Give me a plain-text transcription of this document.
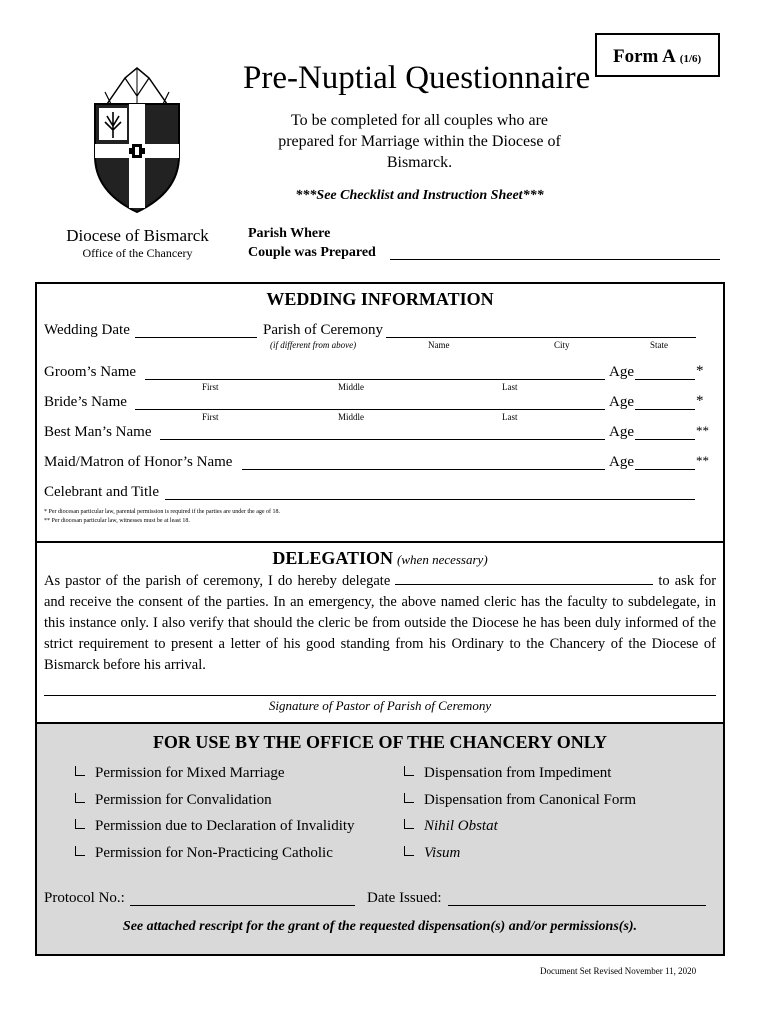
Form A (1/6)
Pre-Nuptial Questionnaire
To be completed for all couples who are prepared for Marriage within the Diocese of Bismarck.
***See Checklist and Instruction Sheet***
Diocese of Bismarck
Office of the Chancery
Parish Where
Couple was Prepared
WEDDING INFORMATION
Wedding Date	Parish of Ceremony
(if different from above)	Name	City	State
Groom’s Name	Age	*
First	Middle	Last
Bride’s Name	Age	*
First	Middle	Last
Best Man’s Name	Age	**
Maid/Matron of Honor’s Name	Age	**
Celebrant and Title
* Per diocesan particular law, parental permission is required if the parties are under the age of 18.
** Per diocesan particular law, witnesses must be at least 18.
DELEGATION (when necessary)
As pastor of the parish of ceremony, I do hereby delegate	to ask for and receive the consent of the parties. In an emergency, the above named cleric has the faculty to subdelegate, in this instance only. I also verify that should the cleric be from outside the Diocese he has been duly informed of the strict requirement to present a letter of his good standing from his Ordinary to the Chancery of the Diocese of Bismarck before his arrival.
Signature of Pastor of Parish of Ceremony
FOR USE BY THE OFFICE OF THE CHANCERY ONLY
Permission for Mixed Marriage
Permission for Convalidation
Permission due to Declaration of Invalidity
Permission for Non-Practicing Catholic
Dispensation from Impediment
Dispensation from Canonical Form
Nihil Obstat
Visum
Protocol No.:	Date Issued:
See attached rescript for the grant of the requested dispensation(s) and/or permissions(s).
Document Set Revised November 11, 2020
